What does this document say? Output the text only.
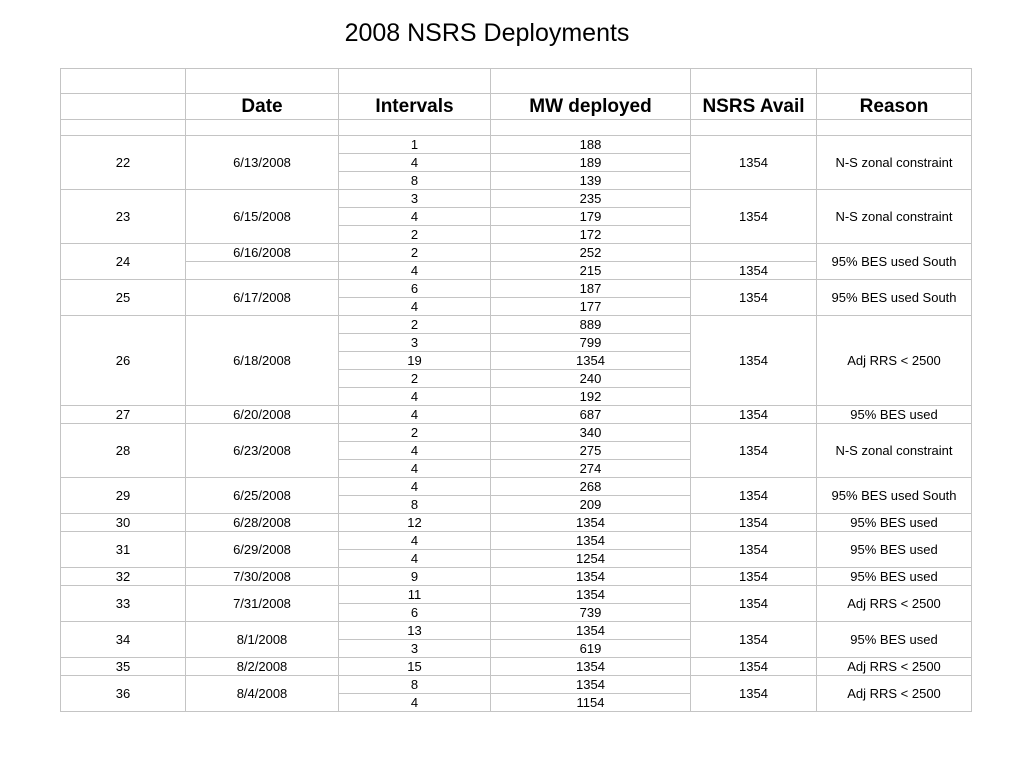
2008 NSRS Deployments

	Date	Intervals	MW deployed	NSRS Avail	Reason

22	6/13/2008	1	188	1354	N-S zonal constraint
		4	189		
		8	139		
23	6/15/2008	3	235	1354	N-S zonal constraint
		4	179		
		2	172		
24	6/16/2008	2	252		95% BES used South
		4	215	1354	
25	6/17/2008	6	187	1354	95% BES used South
		4	177		
26	6/18/2008	2	889	1354	Adj RRS < 2500
		3	799		
		19	1354		
		2	240		
		4	192		
27	6/20/2008	4	687	1354	95% BES used
28	6/23/2008	2	340	1354	N-S zonal constraint
		4	275		
		4	274		
29	6/25/2008	4	268	1354	95% BES used South
		8	209		
30	6/28/2008	12	1354	1354	95% BES used
31	6/29/2008	4	1354	1354	95% BES used
		4	1254		
32	7/30/2008	9	1354	1354	95% BES used
33	7/31/2008	11	1354	1354	Adj RRS < 2500
		6	739		
34	8/1/2008	13	1354	1354	95% BES used
		3	619		
35	8/2/2008	15	1354	1354	Adj RRS < 2500
36	8/4/2008	8	1354	1354	Adj RRS < 2500
		4	1154		
